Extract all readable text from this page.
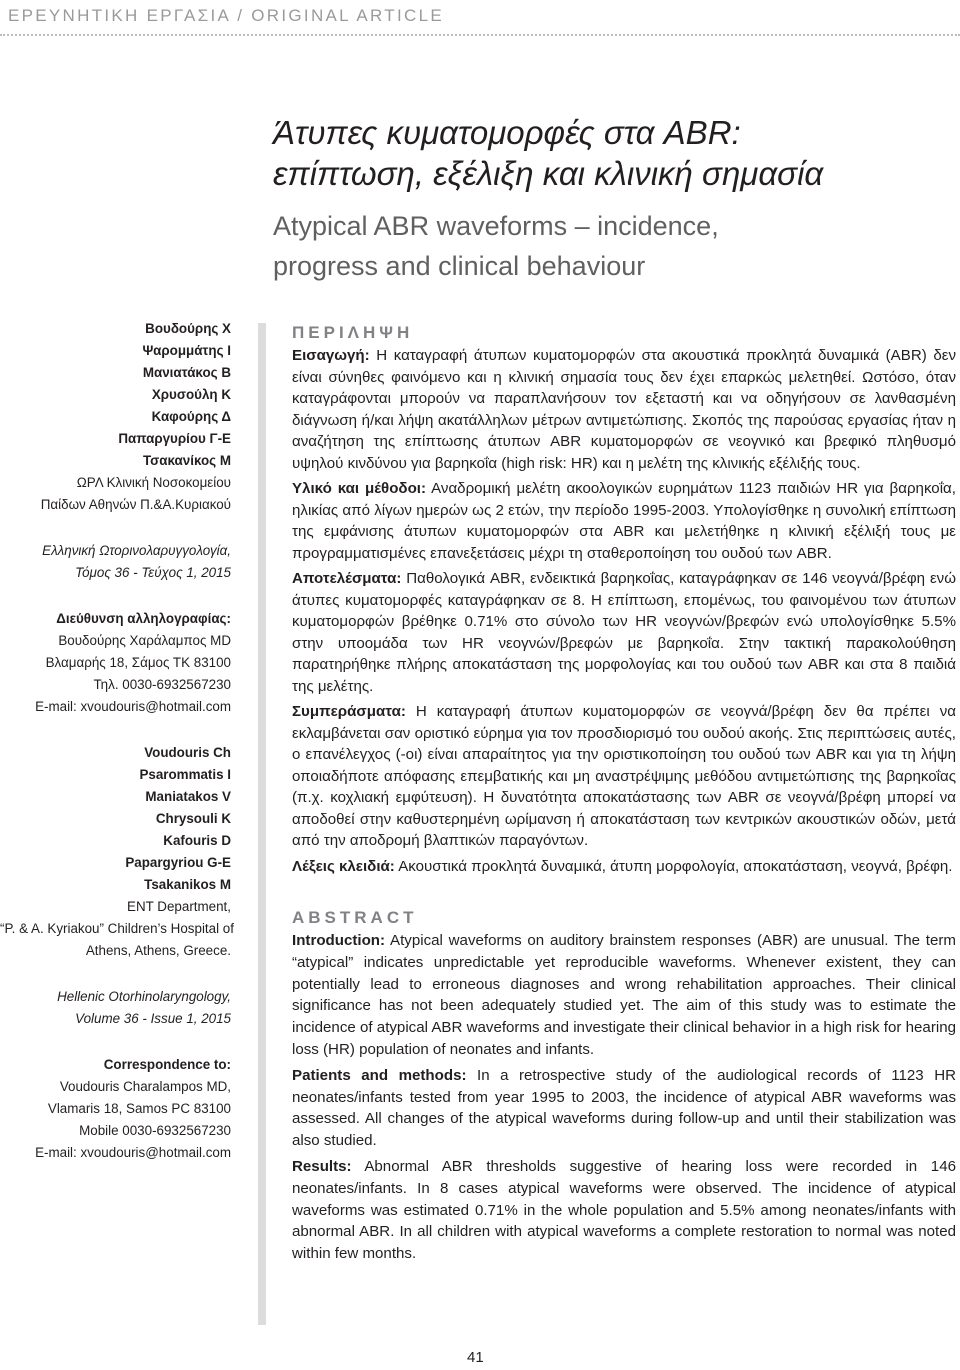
ΕΡΕΥΝΗΤΙΚΗ ΕΡΓΑΣΙΑ / ORIGINAL ARTICLE
Άτυπες κυματομορφές στα ABR:
επίπτωση, εξέλιξη και κλινική σημασία
Atypical ABR waveforms – incidence,
progress and clinical behaviour
Βουδούρης Χ
Ψαρομμάτης Ι
Μανιατάκος Β
Χρυσούλη Κ
Καφούρης Δ
Παπαργυρίου Γ-Ε
Τσακανίκος Μ
ΩΡΛ Κλινική Νοσοκομείου
Παίδων Αθηνών Π.&Α.Κυριακού
Ελληνική Ωτορινολαρυγγολογία,
Τόμος 36 - Τεύχος 1, 2015
Διεύθυνση αλληλογραφίας:
Βουδούρης Χαράλαμπος MD
Βλαμαρής 18, Σάμος ΤΚ 83100
Τηλ. 0030-6932567230
E-mail: xvoudouris@hotmail.com
Voudouris Ch
Psarommatis I
Maniatakos V
Chrysouli K
Kafouris D
Papargyriou G-E
Tsakanikos M
ENT Department,
“P. & A. Kyriakou” Children’s Hospital of
Athens, Athens, Greece.
Hellenic Otorhinolaryngology,
Volume 36 - Issue 1, 2015
Correspondence to:
Voudouris Charalampos MD,
Vlamaris 18, Samos PC 83100
Mobile 0030-6932567230
E-mail: xvoudouris@hotmail.com
ΠΕΡΙΛΗΨΗ

Εισαγωγή: Η καταγραφή άτυπων κυματομορφών στα ακουστικά προκλητά δυναμικά (ABR) δεν είναι σύνηθες φαινόμενο και η κλινική σημασία τους δεν έχει επαρκώς μελετηθεί. Ωστόσο, όταν καταγράφονται μπορούν να παραπλανήσουν τον εξεταστή και να οδηγήσουν σε λανθασμένη διάγνωση ή/και λήψη ακατάλληλων μέτρων αντιμετώπισης. Σκοπός της παρούσας εργασίας ήταν η αναζήτηση της επίπτωσης άτυπων ABR κυματομορφών σε νεογνικό και βρεφικό πληθυσμό υψηλού κινδύνου για βαρηκοΐα (high risk: HR) και η μελέτη της κλινικής εξέλιξής τους.

Υλικό και μέθοδοι: Αναδρομική μελέτη ακοολογικών ευρημάτων 1123 παιδιών HR για βαρηκοΐα, ηλικίας από λίγων ημερών ως 2 ετών, την περίοδο 1995-2003. Υπολογίσθηκε η συνολική επίπτωση της εμφάνισης άτυπων κυματομορφών στα ABR και μελετήθηκε η κλινική εξέλιξή τους με προγραμματισμένες επανεξετάσεις μέχρι τη σταθεροποίηση του ουδού των ABR.

Αποτελέσματα: Παθολογικά ABR, ενδεικτικά βαρηκοΐας, καταγράφηκαν σε 146 νεογνά/βρέφη ενώ άτυπες κυματομορφές καταγράφηκαν σε 8. Η επίπτωση, επομένως, του φαινομένου των άτυπων κυματομορφών βρέθηκε 0.71% στο σύνολο των HR νεογνών/βρεφών ενώ υπολογίσθηκε 5.5% στην υποομάδα των HR νεογνών/βρεφών με βαρηκοΐα. Στην τακτική παρακολούθηση παρατηρήθηκε πλήρης αποκατάσταση της μορφολογίας και του ουδού των ABR και στα 8 παιδιά της μελέτης.

Συμπεράσματα: Η καταγραφή άτυπων κυματομορφών σε νεογνά/βρέφη δεν θα πρέπει να εκλαμβάνεται σαν οριστικό εύρημα για τον προσδιορισμό του ουδού ακοής. Στις περιπτώσεις αυτές, ο επανέλεγχος (-οι) είναι απαραίτητος για την οριστικοποίηση του ουδού των ABR και για τη λήψη οποιαδήποτε απόφασης επεμβατικής και μη αναστρέψιμης μεθόδου αντιμετώπισης της βαρηκοΐας (π.χ. κοχλιακή εμφύτευση). Η δυνατότητα αποκατάστασης των ABR σε νεογνά/βρέφη μπορεί να αποδοθεί στην καθυστερημένη ωρίμανση ή αποκατάσταση των κεντρικών ακουστικών οδών, μετά από την αποδρομή βλαπτικών παραγόντων.

Λέξεις κλειδιά: Ακουστικά προκλητά δυναμικά, άτυπη μορφολογία, αποκατάσταση, νεογνά, βρέφη.

ABSTRACT

Introduction: Atypical waveforms on auditory brainstem responses (ABR) are unusual. The term “atypical” indicates unpredictable yet reproducible waveforms. Whenever existent, they can potentially lead to erroneous diagnoses and wrong rehabilitation approaches. Their clinical significance has not been adequately studied yet. The aim of this study was to estimate the incidence of atypical ABR waveforms and investigate their clinical behavior in a high risk for hearing loss (HR) population of neonates and infants.

Patients and methods: In a retrospective study of the audiological records of 1123 HR neonates/infants tested from year 1995 to 2003, the incidence of atypical ABR waveforms was assessed. All changes of the atypical waveforms during follow-up and until their stabilization was also studied.

Results: Abnormal ABR thresholds suggestive of hearing loss were recorded in 146 neonates/infants. In 8 cases atypical waveforms were observed. The incidence of atypical waveforms was estimated 0.71% in the whole population and 5.5% among neonates/infants with abnormal ABR. In all children with atypical waveforms a complete restoration to normal was noted within few months.

41
